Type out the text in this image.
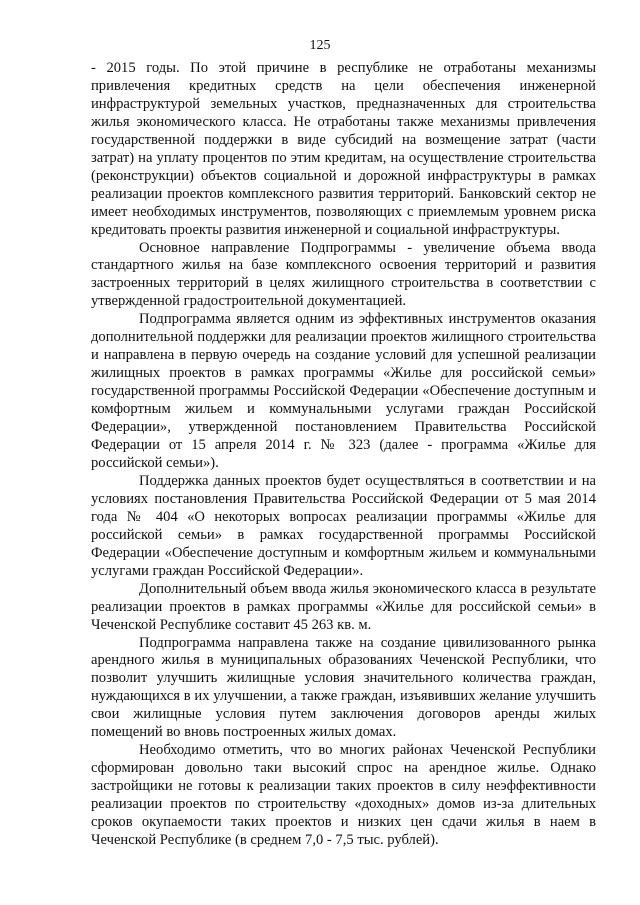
125

- 2015 годы. По этой причине в республике не отработаны механизмы привлечения кредитных средств на цели обеспечения инженерной инфраструктурой земельных участков, предназначенных для строительства жилья экономического класса. Не отработаны также механизмы привлечения государственной поддержки в виде субсидий на возмещение затрат (части затрат) на уплату процентов по этим кредитам, на осуществление строительства (реконструкции) объектов социальной и дорожной инфраструктуры в рамках реализации проектов комплексного развития территорий. Банковский сектор не имеет необходимых инструментов, позволяющих с приемлемым уровнем риска кредитовать проекты развития инженерной и социальной инфраструктуры.

Основное направление Подпрограммы - увеличение объема ввода стандартного жилья на базе комплексного освоения территорий и развития застроенных территорий в целях жилищного строительства в соответствии с утвержденной градостроительной документацией.

Подпрограмма является одним из эффективных инструментов оказания дополнительной поддержки для реализации проектов жилищного строительства и направлена в первую очередь на создание условий для успешной реализации жилищных проектов в рамках программы «Жилье для российской семьи» государственной программы Российской Федерации «Обеспечение доступным и комфортным жильем и коммунальными услугами граждан Российской Федерации», утвержденной постановлением Правительства Российской Федерации от 15 апреля 2014 г. № 323 (далее - программа «Жилье для российской семьи»).

Поддержка данных проектов будет осуществляться в соответствии и на условиях постановления Правительства Российской Федерации от 5 мая 2014 года № 404 «О некоторых вопросах реализации программы «Жилье для российской семьи» в рамках государственной программы Российской Федерации «Обеспечение доступным и комфортным жильем и коммунальными услугами граждан Российской Федерации».

Дополнительный объем ввода жилья экономического класса в результате реализации проектов в рамках программы «Жилье для российской семьи» в Чеченской Республике составит 45 263 кв. м.

Подпрограмма направлена также на создание цивилизованного рынка арендного жилья в муниципальных образованиях Чеченской Республики, что позволит улучшить жилищные условия значительного количества граждан, нуждающихся в их улучшении, а также граждан, изъявивших желание улучшить свои жилищные условия путем заключения договоров аренды жилых помещений во вновь построенных жилых домах.

Необходимо отметить, что во многих районах Чеченской Республики сформирован довольно таки высокий спрос на арендное жилье. Однако застройщики не готовы к реализации таких проектов в силу неэффективности реализации проектов по строительству «доходных» домов из-за длительных сроков окупаемости таких проектов и низких цен сдачи жилья в наем в Чеченской Республике (в среднем 7,0 - 7,5 тыс. рублей).
